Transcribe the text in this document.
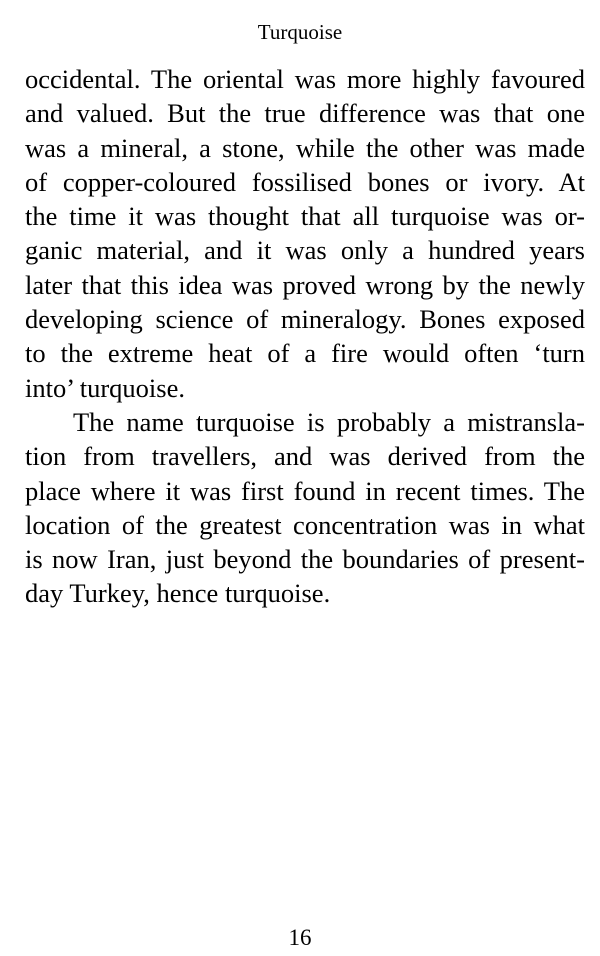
Turquoise
occidental. The oriental was more highly favoured
and valued. But the true difference was that one
was a mineral, a stone, while the other was made
of copper-coloured fossilised bones or ivory. At
the time it was thought that all turquoise was or-
ganic material, and it was only a hundred years
later that this idea was proved wrong by the newly
developing science of mineralogy. Bones exposed
to the extreme heat of a fire would often ‘turn
into’ turquoise.
The name turquoise is probably a mistransla-
tion from travellers, and was derived from the
place where it was first found in recent times. The
location of the greatest concentration was in what
is now Iran, just beyond the boundaries of present-
day Turkey, hence turquoise.
16
